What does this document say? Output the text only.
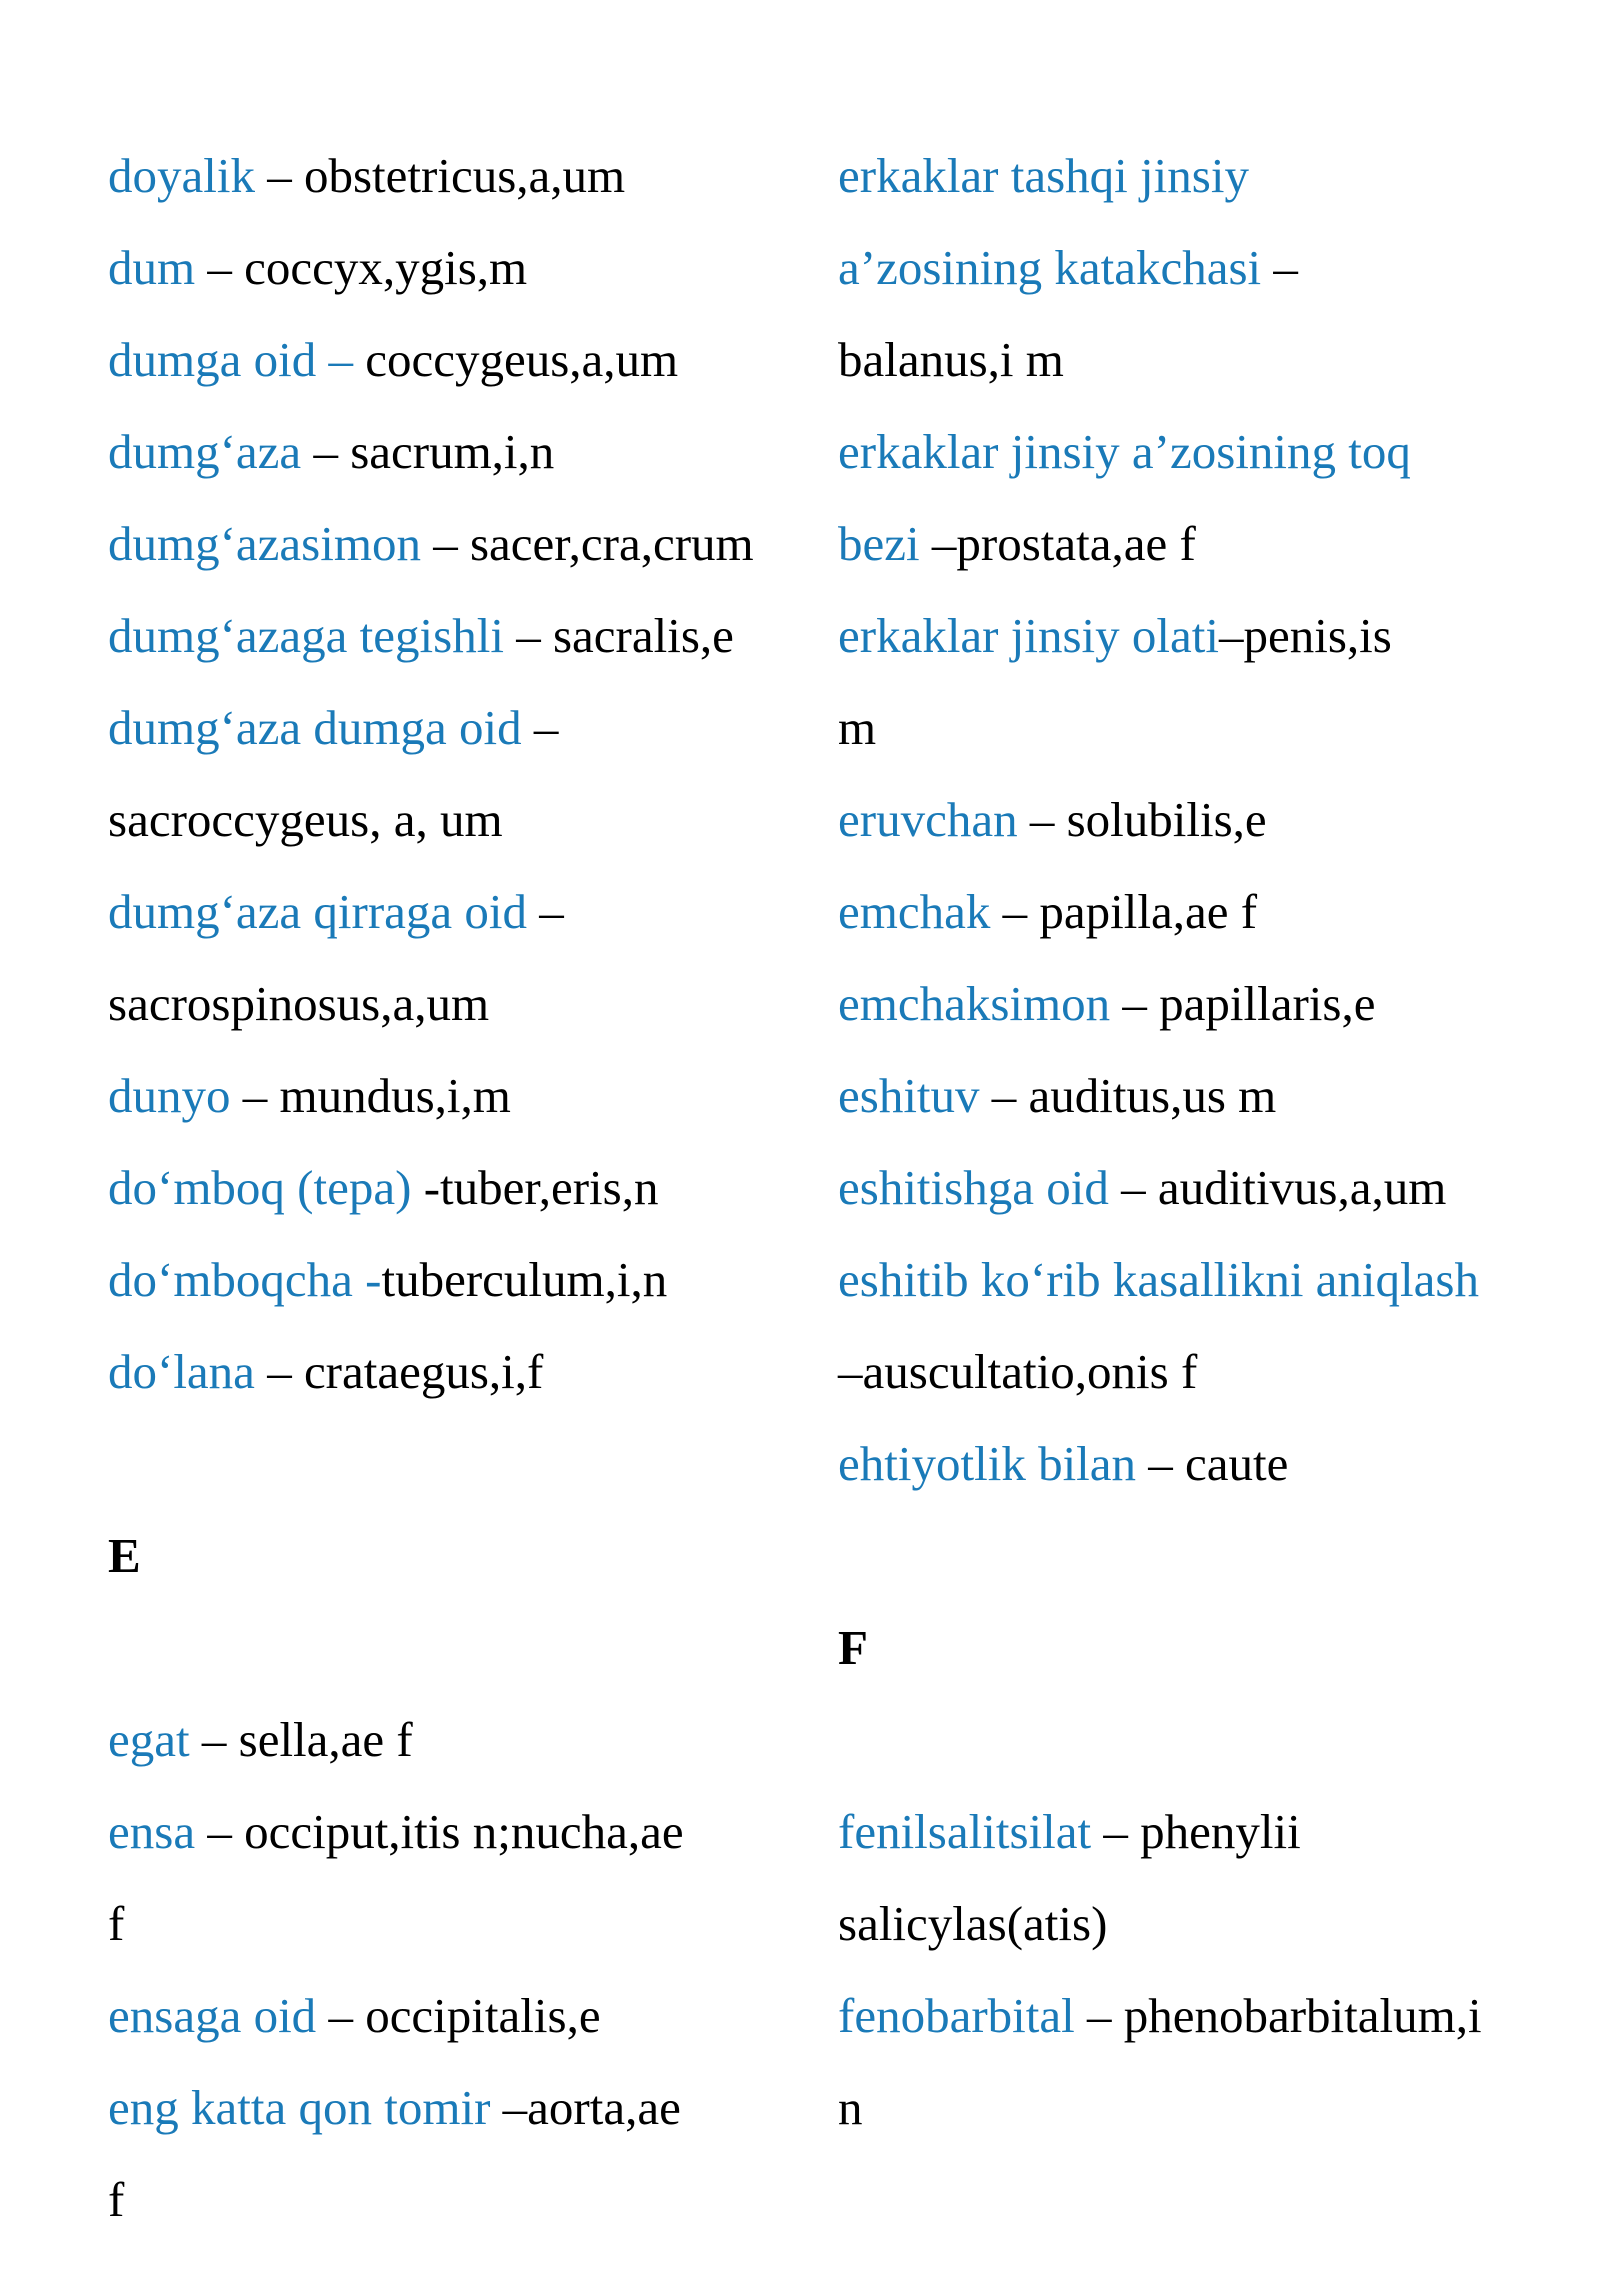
doyalik – obstetricus,a,um
dum – coccyx,ygis,m
dumga oid – coccygeus,a,um
dumg‘aza – sacrum,i,n
dumg‘azasimon – sacer,cra,crum
dumg‘azaga tegishli – sacralis,e
dumg‘aza dumga oid –
sacroccygeus, a, um
dumg‘aza qirraga oid –
sacrospinosus,a,um
dunyo – mundus,i,m
do‘mboq (tepa) -tuber,eris,n
do‘mboqcha -tuberculum,i,n
do‘lana – crataegus,i,f
E
egat – sella,ae f
ensa – occiput,itis n;nucha,ae
f
ensaga oid – occipitalis,e
eng katta qon tomir –aorta,ae
f
erkaklar tashqi jinsiy
a’zosining katakchasi –
balanus,i m
erkaklar jinsiy a’zosining toq
bezi –prostata,ae f
erkaklar jinsiy olati–penis,is
m
eruvchan – solubilis,e
emchak – papilla,ae f
emchaksimon – papillaris,e
eshituv – auditus,us m
eshitishga oid – auditivus,a,um
eshitib ko‘rib kasallikni aniqlash
–auscultatio,onis f
ehtiyotlik bilan – caute
F
fenilsalitsilat – phenylii
salicylas(atis)
fenobarbital – phenobarbitalum,i
n
